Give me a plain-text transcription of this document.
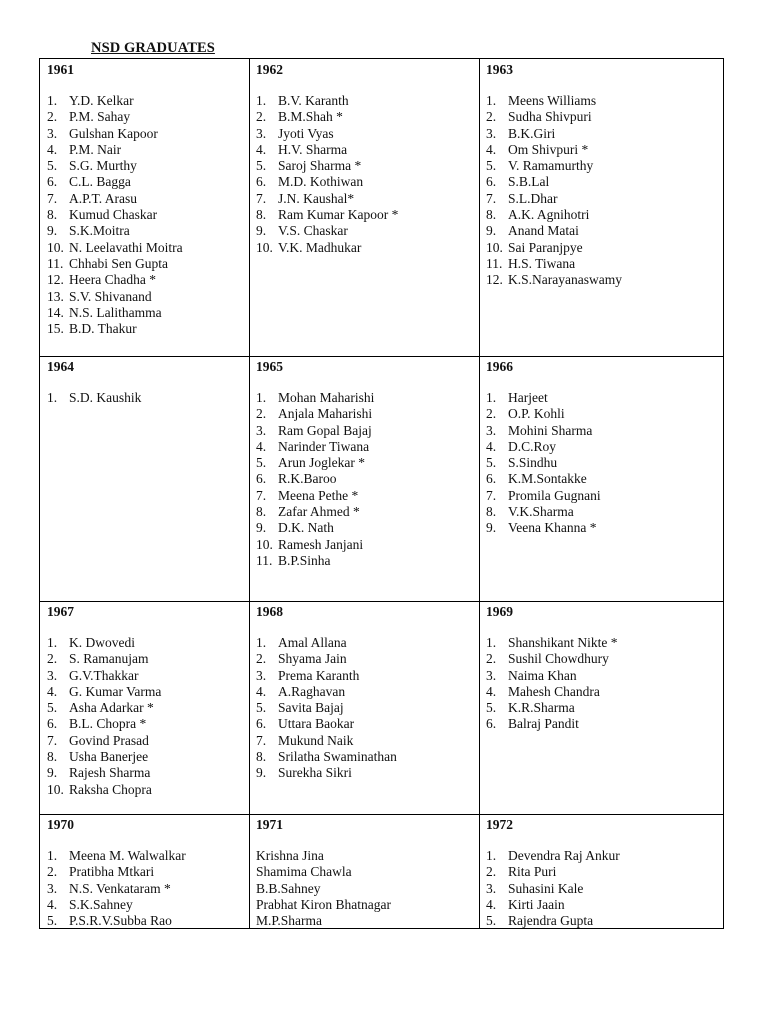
NSD GRADUATES
1961
1. Y.D. Kelkar
2. P.M. Sahay
3. Gulshan Kapoor
4. P.M. Nair
5. S.G. Murthy
6. C.L. Bagga
7. A.P.T. Arasu
8. Kumud Chaskar
9. S.K.Moitra
10. N. Leelavathi Moitra
11. Chhabi Sen Gupta
12. Heera Chadha *
13. S.V. Shivanand
14. N.S. Lalithamma
15. B.D. Thakur
1962
1. B.V. Karanth
2. B.M.Shah *
3. Jyoti Vyas
4. H.V. Sharma
5. Saroj Sharma *
6. M.D. Kothiwan
7. J.N. Kaushal*
8. Ram Kumar Kapoor *
9. V.S. Chaskar
10. V.K. Madhukar
1963
1. Meens Williams
2. Sudha Shivpuri
3. B.K.Giri
4. Om Shivpuri *
5. V. Ramamurthy
6. S.B.Lal
7. S.L.Dhar
8. A.K. Agnihotri
9. Anand Matai
10. Sai Paranjpye
11. H.S. Tiwana
12. K.S.Narayanaswamy
1964
1. S.D. Kaushik
1965
1. Mohan Maharishi
2. Anjala Maharishi
3. Ram Gopal Bajaj
4. Narinder Tiwana
5. Arun Joglekar *
6. R.K.Baroo
7. Meena Pethe *
8. Zafar Ahmed *
9. D.K. Nath
10. Ramesh Janjani
11. B.P.Sinha
1966
1. Harjeet
2. O.P. Kohli
3. Mohini Sharma
4. D.C.Roy
5. S.Sindhu
6. K.M.Sontakke
7. Promila Gugnani
8. V.K.Sharma
9. Veena Khanna *
1967
1. K. Dwovedi
2. S. Ramanujam
3. G.V.Thakkar
4. G. Kumar Varma
5. Asha Adarkar *
6. B.L. Chopra *
7. Govind Prasad
8. Usha Banerjee
9. Rajesh Sharma
10. Raksha Chopra
1968
1. Amal Allana
2. Shyama Jain
3. Prema Karanth
4. A.Raghavan
5. Savita Bajaj
6. Uttara Baokar
7. Mukund Naik
8. Srilatha Swaminathan
9. Surekha Sikri
1969
1. Shanshikant Nikte *
2. Sushil Chowdhury
3. Naima Khan
4. Mahesh Chandra
5. K.R.Sharma
6. Balraj Pandit
1970
1. Meena M. Walwalkar
2. Pratibha Mtkari
3. N.S. Venkataram *
4. S.K.Sahney
5. P.S.R.V.Subba Rao
1971
Krishna Jina
Shamima Chawla
B.B.Sahney
Prabhat Kiron Bhatnagar
M.P.Sharma
1972
1. Devendra Raj Ankur
2. Rita Puri
3. Suhasini Kale
4. Kirti Jaain
5. Rajendra Gupta
